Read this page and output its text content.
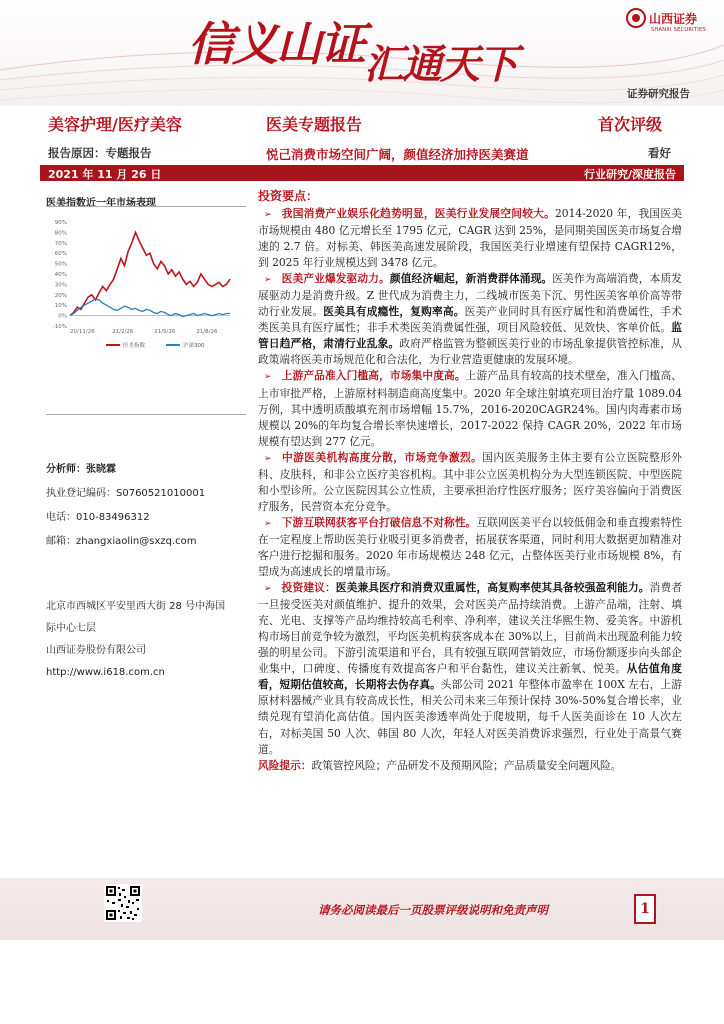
信义山证汇通天下
山西证券
SHANXI SECURITIES
证券研究报告
美容护理/医疗美容	医美专题报告	首次评级
报告原因：专题报告	悦己消费市场空间广阔，颜值经济加持医美赛道	看好
2021 年 11 月 26 日	行业研究/深度报告
医美指数近一年市场表现
90%
80%
70%
60%
50%
40%
30%
20%
10%
0%
-10%
20/11/26	21/2/26	21/5/26	21/8/26
医美指数	沪深300
分析师：张晓霖
执业登记编码：S0760521010001
电话：010-83496312
邮箱：zhangxiaolin@sxzq.com
北京市西城区平安里西大街 28 号中海国
际中心七层
山西证券股份有限公司
http://www.i618.com.cn
投资要点：

➢ 我国消费产业娱乐化趋势明显，医美行业发展空间较大。2014-2020 年，我国医美市场规模由 480 亿元增长至 1795 亿元，CAGR 达到 25%，是同期美国医美市场复合增速的 2.7 倍。对标美、韩医美高速发展阶段，我国医美行业增速有望保持 CAGR12%，到 2025 年行业规模达到 3478 亿元。

➢ 医美产业爆发驱动力。颜值经济崛起，新消费群体涌现。医美作为高端消费，本质发展驱动力是消费升级。Z 世代成为消费主力，二线城市医美下沉、男性医美客单价高等带动行业发展。医美具有成瘾性，复购率高。医美产业同时具有医疗属性和消费属性，手术类医美具有医疗属性；非手术类医美消费属性强，项目风险较低、见效快、客单价低。监管日趋严格，肃清行业乱象。政府严格监管为整顿医美行业的市场乱象提供管控标准，从政策端将医美市场规范化和合法化，为行业营造更健康的发展环境。

➢ 上游产品准入门槛高，市场集中度高。上游产品具有较高的技术壁垒，准入门槛高、上市审批严格，上游原材料制造商高度集中。2020 年全球注射填充项目治疗量 1089.04 万例，其中透明质酸填充剂市场增幅 15.7%，2016-2020CAGR24%。国内肉毒素市场规模以 20%的年均复合增长率快速增长，2017-2022 保持 CAGR 20%，2022 年市场规模有望达到 277 亿元。

➢ 中游医美机构高度分散，市场竞争激烈。国内医美服务主体主要有公立医院整形外科、皮肤科，和非公立医疗美容机构。其中非公立医美机构分为大型连锁医院、中型医院和小型诊所。公立医院因其公立性质，主要承担治疗性医疗服务；医疗美容偏向于消费医疗服务，民营资本充分竞争。

➢ 下游互联网获客平台打破信息不对称性。互联网医美平台以较低佣金和垂直搜索特性在一定程度上帮助医美行业吸引更多消费者，拓展获客渠道，同时利用大数据更加精准对客户进行挖掘和服务。2020 年市场规模达 248 亿元，占整体医美行业市场规模 8%，有望成为高速成长的增量市场。

➢ 投资建议：医美兼具医疗和消费双重属性，高复购率使其具备较强盈利能力。消费者一旦接受医美对颜值维护、提升的效果，会对医美产品持续消费。上游产品端，注射、填充、光电、支撑等产品均维持较高毛利率、净利率，建议关注华熙生物、爱美客。中游机构市场目前竞争较为激烈，平均医美机构获客成本在 30%以上，目前尚未出现盈利能力较强的明星公司。下游引流渠道和平台，具有较强互联网营销效应，市场份额逐步向头部企业集中，口碑度、传播度有效提高客户和平台黏性，建议关注新氧、悦美。从估值角度看，短期估值较高，长期将去伪存真。头部公司 2021 年整体市盈率在 100X 左右，上游原材料器械产业具有较高成长性，相关公司未来三年预计保持 30%-50%复合增长率，业绩兑现有望消化高估值。国内医美渗透率尚处于爬坡期，每千人医美面诊在 10 人次左右，对标美国 50 人次、韩国 80 人次，年轻人对医美消费诉求强烈，行业处于高景气赛道。

风险提示：政策管控风险；产品研发不及预期风险；产品质量安全问题风险。

请务必阅读最后一页股票评级说明和免责声明	1
